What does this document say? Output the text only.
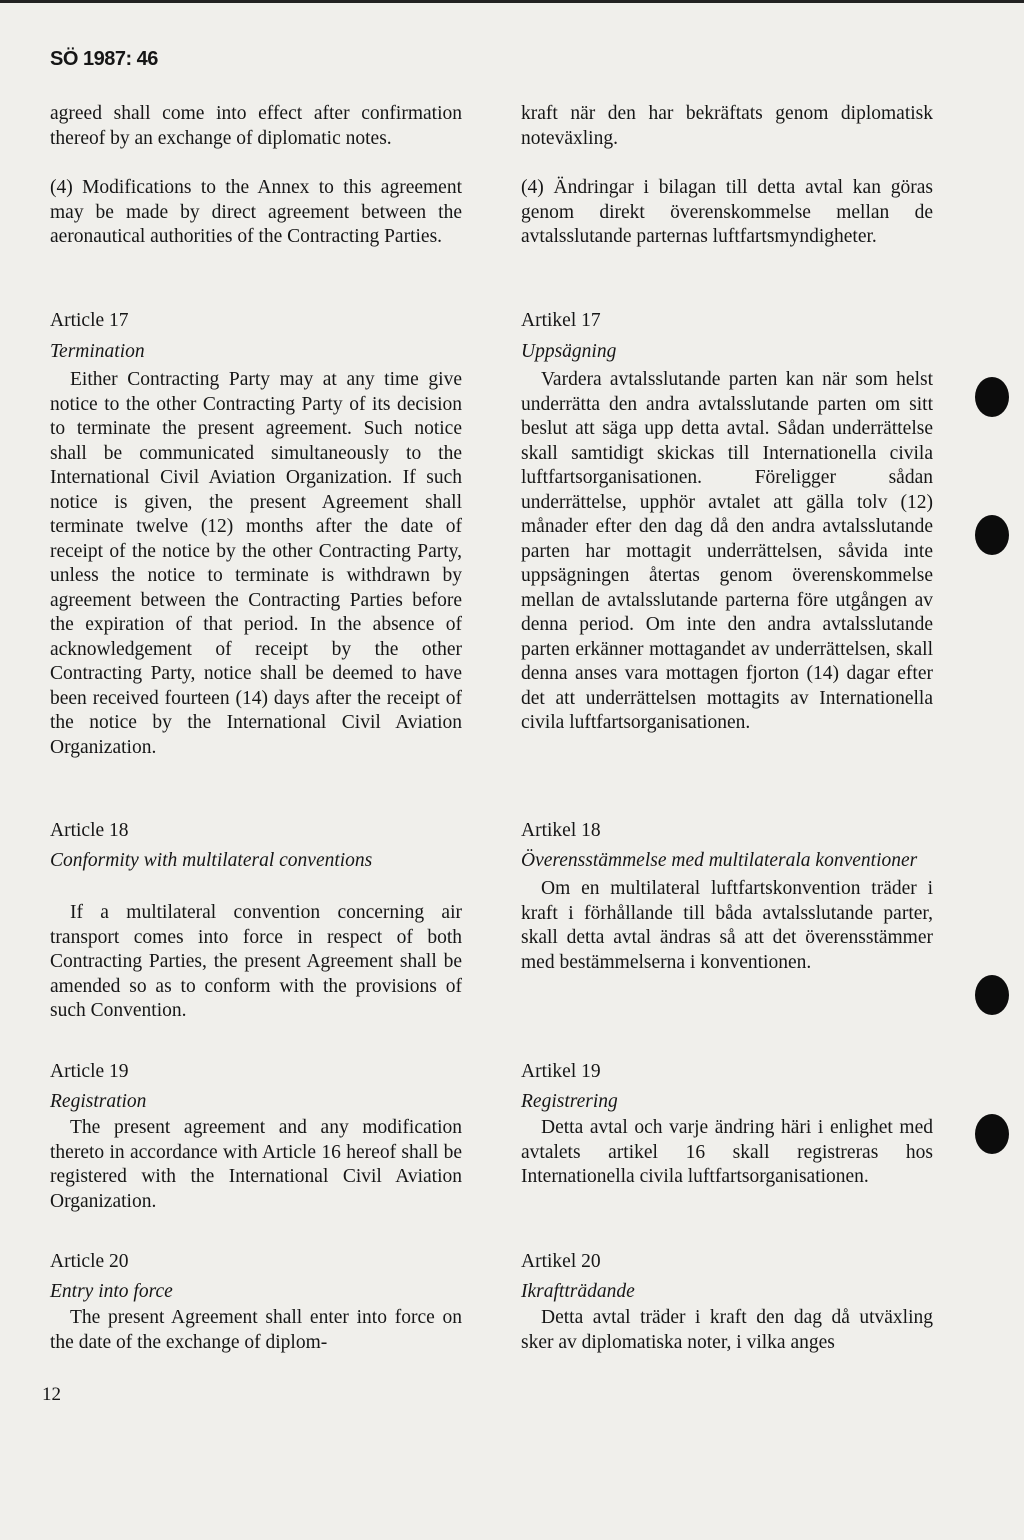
SÖ 1987: 46

agreed shall come into effect after confirmation thereof by an exchange of diplomatic notes.

(4) Modifications to the Annex to this agreement may be made by direct agreement between the aeronautical authorities of the Contracting Parties.

Article 17
Termination

Either Contracting Party may at any time give notice to the other Contracting Party of its decision to terminate the present agreement. Such notice shall be communicated simultaneously to the International Civil Aviation Organization. If such notice is given, the present Agreement shall terminate twelve (12) months after the date of receipt of the notice by the other Contracting Party, unless the notice to terminate is withdrawn by agreement between the Contracting Parties before the expiration of that period. In the absence of acknowledgement of receipt by the other Contracting Party, notice shall be deemed to have been received fourteen (14) days after the receipt of the notice by the International Civil Aviation Organization.

Article 18
Conformity with multilateral conventions

If a multilateral convention concerning air transport comes into force in respect of both Contracting Parties, the present Agreement shall be amended so as to conform with the provisions of such Convention.

Article 19
Registration

The present agreement and any modification thereto in accordance with Article 16 hereof shall be registered with the International Civil Aviation Organization.

Article 20
Entry into force

The present Agreement shall enter into force on the date of the exchange of diplom-

kraft när den har bekräftats genom diplomatisk noteväxling.

(4) Ändringar i bilagan till detta avtal kan göras genom direkt överenskommelse mellan de avtalsslutande parternas luftfartsmyndigheter.

Artikel 17
Uppsägning

Vardera avtalsslutande parten kan när som helst underrätta den andra avtalsslutande parten om sitt beslut att säga upp detta avtal. Sådan underrättelse skall samtidigt skickas till Internationella civila luftfartsorganisationen. Föreligger sådan underrättelse, upphör avtalet att gälla tolv (12) månader efter den dag då den andra avtalsslutande parten har mottagit underrättelsen, såvida inte uppsägningen återtas genom överenskommelse mellan de avtalsslutande parterna före utgången av denna period. Om inte den andra avtalsslutande parten erkänner mottagandet av underrättelsen, skall denna anses vara mottagen fjorton (14) dagar efter det att underrättelsen mottagits av Internationella civila luftfartsorganisationen.

Artikel 18
Överensstämmelse med multilaterala konventioner

Om en multilateral luftfartskonvention träder i kraft i förhållande till båda avtalsslutande parter, skall detta avtal ändras så att det överensstämmer med bestämmelserna i konventionen.

Artikel 19
Registrering

Detta avtal och varje ändring häri i enlighet med avtalets artikel 16 skall registreras hos Internationella civila luftfartsorganisationen.

Artikel 20
Ikraftträdande

Detta avtal träder i kraft den dag då utväxling sker av diplomatiska noter, i vilka anges

12
